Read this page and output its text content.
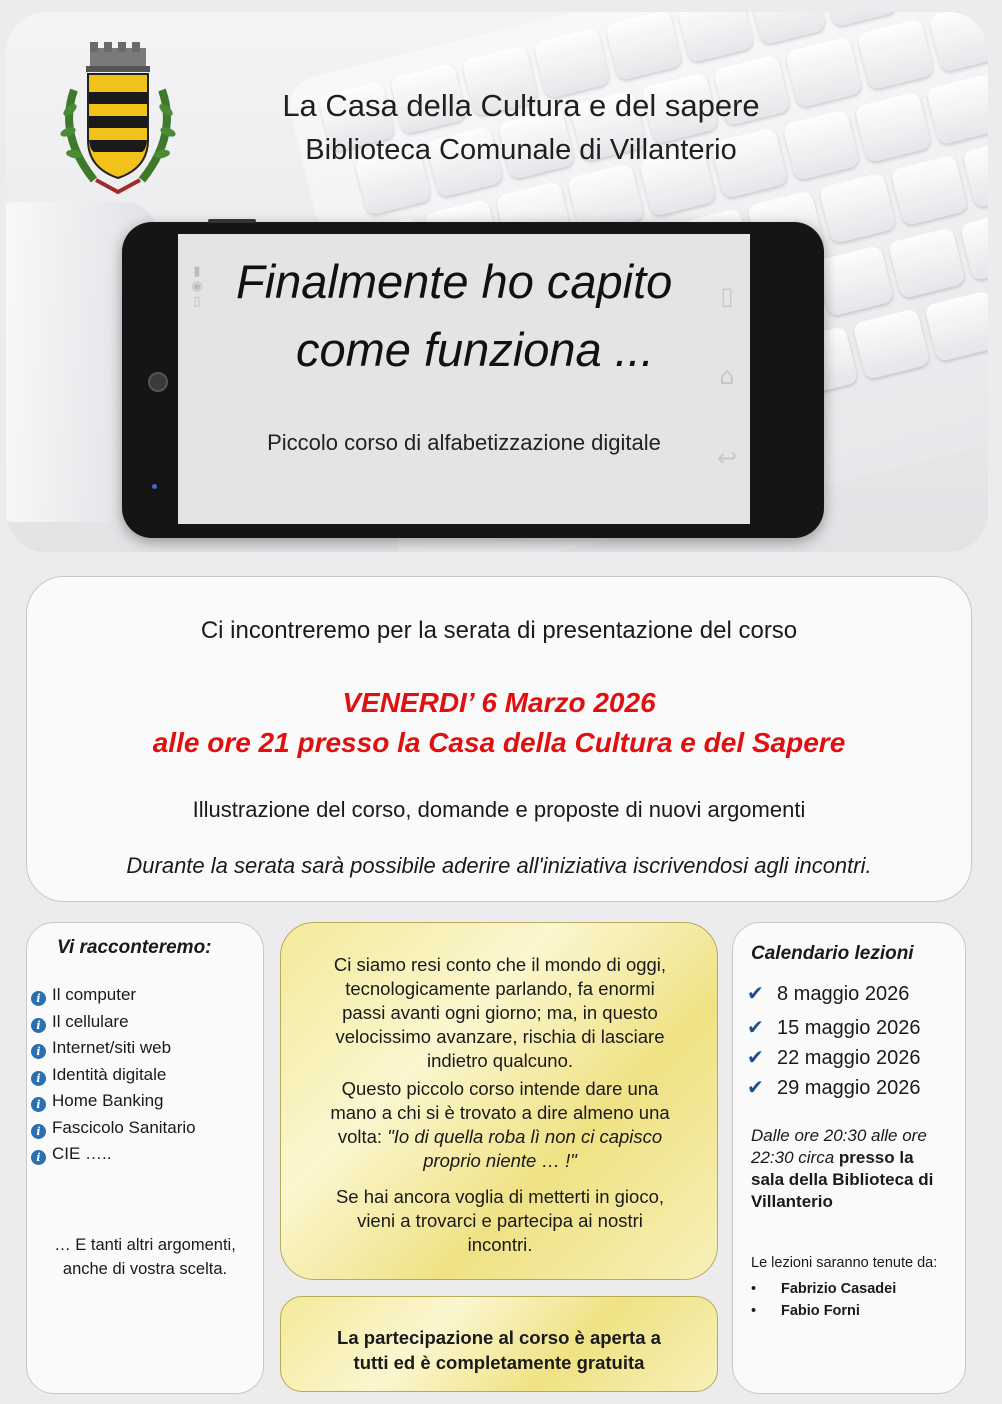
La Casa della Cultura e del sapere
Biblioteca Comunale di Villanterio
▮
◉
▯ Finalmente ho capito
come funziona ...
Piccolo corso di alfabetizzazione digitale
▯
⌂
↩
Ci incontreremo per la serata di presentazione del corso
VENERDI’ 6 Marzo 2026
alle ore 21 presso la Casa della Cultura e del Sapere
Illustrazione del corso, domande e proposte di nuovi argomenti
Durante la serata sarà possibile aderire all'iniziativa iscrivendosi agli incontri.
Vi racconteremo:
i Il computer
i Il cellulare
i Internet/siti web
i Identità digitale
i Home Banking
i Fascicolo Sanitario
i CIE …..
… E tanti altri argomenti,
anche di vostra scelta.
Ci siamo resi conto che il mondo di oggi,
tecnologicamente parlando, fa enormi
passi avanti ogni giorno; ma, in questo
velocissimo avanzare, rischia di lasciare
indietro qualcuno.
Questo piccolo corso intende dare una
mano a chi si è trovato a dire almeno una
volta: "Io di quella roba lì non ci capisco
proprio niente … !"
Se hai ancora voglia di metterti in gioco,
vieni a trovarci e partecipa ai nostri
incontri.
La partecipazione al corso è aperta a
tutti ed è completamente gratuita
Calendario lezioni
✔ 8 maggio 2026
✔ 15 maggio 2026
✔ 22 maggio 2026
✔ 29 maggio 2026
Dalle ore 20:30 alle ore
22:30 circa presso la
sala della Biblioteca di
Villanterio
Le lezioni saranno tenute da:
• Fabrizio Casadei
• Fabio Forni
